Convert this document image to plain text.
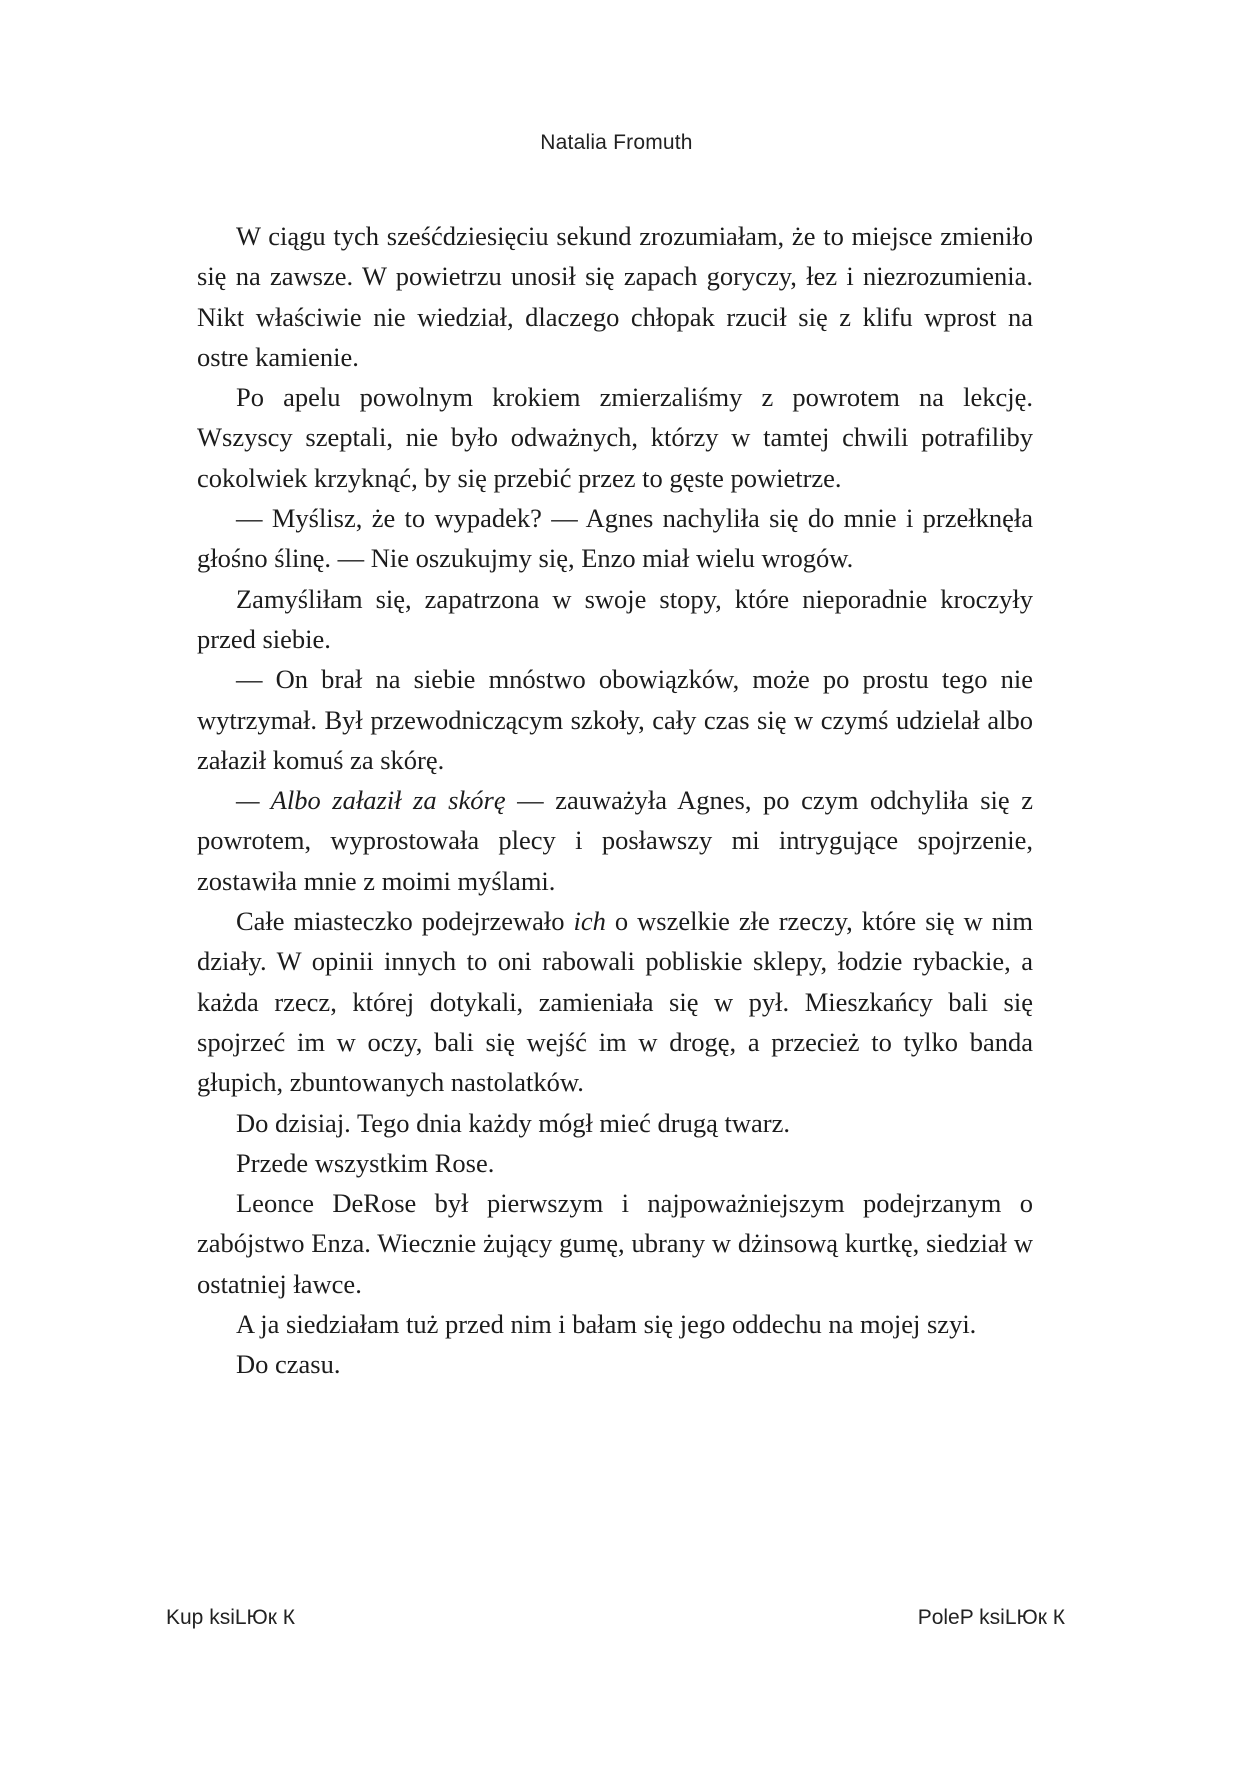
Natalia Fromuth

W ciągu tych sześćdziesięciu sekund zrozumiałam, że to miejsce zmieniło się na zawsze. W powietrzu unosił się zapach goryczy, łez i niezrozumienia. Nikt właściwie nie wiedział, dlaczego chłopak rzucił się z klifu wprost na ostre kamienie.

Po apelu powolnym krokiem zmierzaliśmy z powrotem na lekcję. Wszyscy szeptali, nie było odważnych, którzy w tamtej chwili potrafiliby cokolwiek krzyknąć, by się przebić przez to gęste powietrze.

— Myślisz, że to wypadek? — Agnes nachyliła się do mnie i przełknęła głośno ślinę. — Nie oszukujmy się, Enzo miał wielu wrogów.

Zamyśliłam się, zapatrzona w swoje stopy, które nieporadnie kroczyły przed siebie.

— On brał na siebie mnóstwo obowiązków, może po prostu tego nie wytrzymał. Był przewodniczącym szkoły, cały czas się w czymś udzielał albo załaził komuś za skórę.

— Albo załaził za skórę — zauważyła Agnes, po czym odchyliła się z powrotem, wyprostowała plecy i posławszy mi intrygujące spojrzenie, zostawiła mnie z moimi myślami.

Całe miasteczko podejrzewało ich o wszelkie złe rzeczy, które się w nim działy. W opinii innych to oni rabowali pobliskie sklepy, łodzie rybackie, a każda rzecz, której dotykali, zamieniała się w pył. Mieszkańcy bali się spojrzeć im w oczy, bali się wejść im w drogę, a przecież to tylko banda głupich, zbuntowanych nastolatków.

Do dzisiaj. Tego dnia każdy mógł mieć drugą twarz.

Przede wszystkim Rose.

Leonce DeRose był pierwszym i najpoważniejszym podejrzanym o zabójstwo Enza. Wiecznie żujący gumę, ubrany w dżinsową kurtkę, siedział w ostatniej ławce.

A ja siedziałam tuż przed nim i bałam się jego oddechu na mojej szyi.

Do czasu.

Kup ksiLЮк К	PoleP ksiLЮк К
